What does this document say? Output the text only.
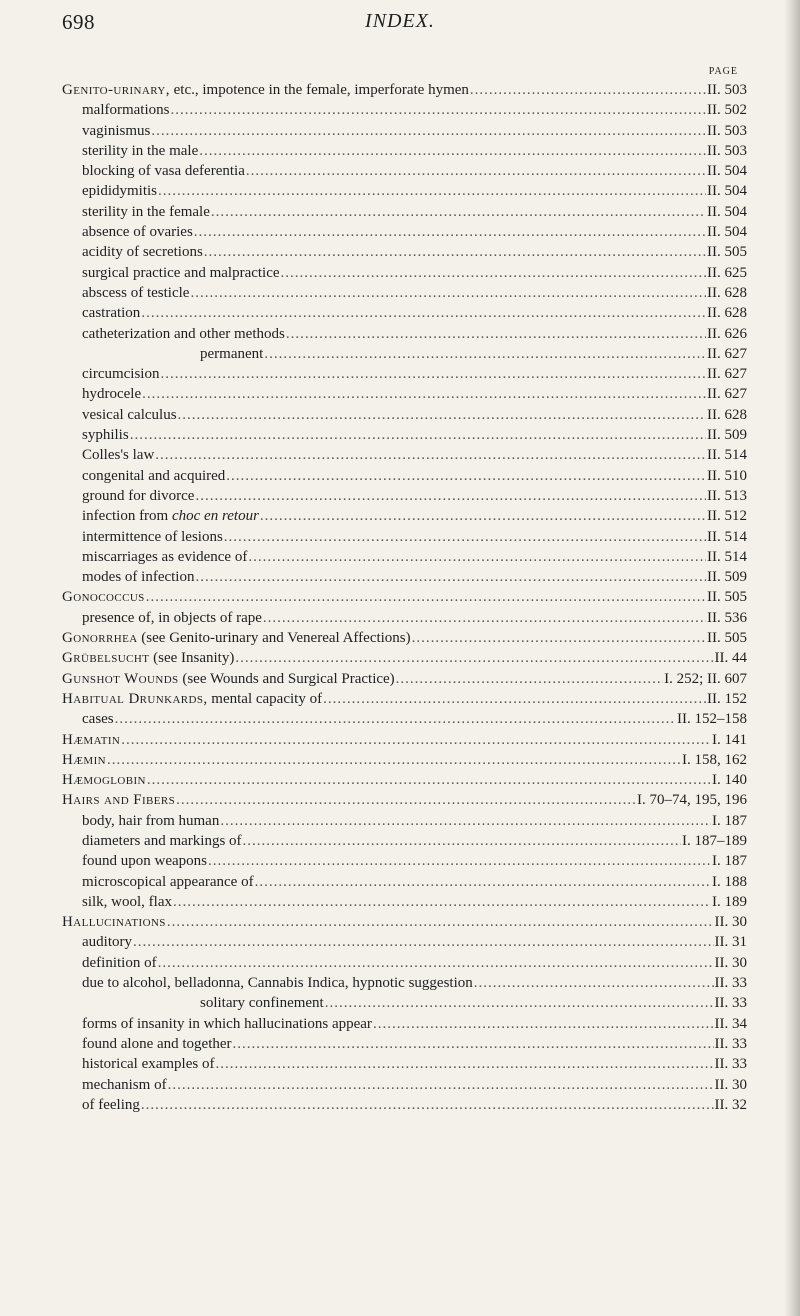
698	INDEX.
PAGE
Genito-urinary, etc., impotence in the female, imperforate hymen .....	II. 503
malformations .....	II. 502
vaginismus .....	II. 503
sterility in the male .....	II. 503
blocking of vasa deferentia .....	II. 504
epididymitis .....	II. 504
sterility in the female .....	II. 504
absence of ovaries .....	II. 504
acidity of secretions .....	II. 505
surgical practice and malpractice .....	II. 625
abscess of testicle .....	II. 628
castration .....	II. 628
catheterization and other methods .....	II. 626
permanent .....	II. 627
circumcision .....	II. 627
hydrocele .....	II. 627
vesical calculus .....	II. 628
syphilis .....	II. 509
Colles's law .....	II. 514
congenital and acquired .....	II. 510
ground for divorce .....	II. 513
infection from choc en retour .....	II. 512
intermittence of lesions .....	II. 514
miscarriages as evidence of .....	II. 514
modes of infection .....	II. 509
Gonococcus .....	II. 505
presence of, in objects of rape .....	II. 536
Gonorrhea (see Genito-urinary and Venereal Affections) .....	II. 505
Grübelsucht (see Insanity) .....	II. 44
Gunshot Wounds (see Wounds and Surgical Practice) .....	I. 252; II. 607
Habitual Drunkards, mental capacity of .....	II. 152
cases .....	II. 152–158
Hæmatin .....	I. 141
Hæmin .....	I. 158, 162
Hæmoglobin .....	I. 140
Hairs and Fibers .....	I. 70–74, 195, 196
body, hair from human .....	I. 187
diameters and markings of .....	I. 187–189
found upon weapons .....	I. 187
microscopical appearance of .....	I. 188
silk, wool, flax .....	I. 189
Hallucinations .....	II. 30
auditory .....	II. 31
definition of .....	II. 30
due to alcohol, belladonna, Cannabis Indica, hypnotic suggestion .....	II. 33
solitary confinement .....	II. 33
forms of insanity in which hallucinations appear .....	II. 34
found alone and together .....	II. 33
historical examples of .....	II. 33
mechanism of .....	II. 30
of feeling .....	II. 32
